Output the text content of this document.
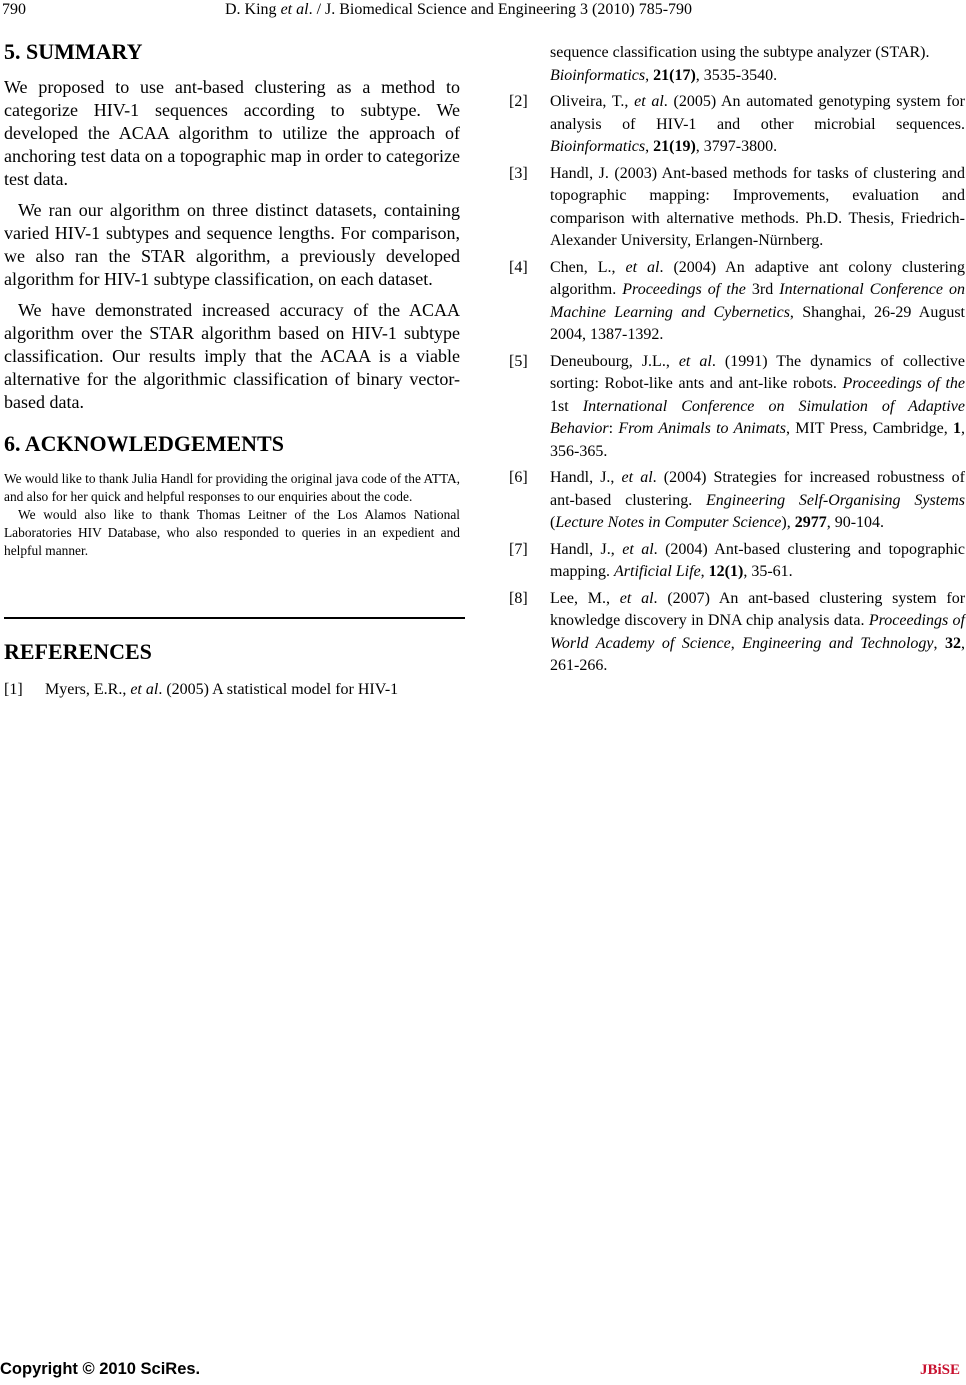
790	D. King et al. / J. Biomedical Science and Engineering 3 (2010) 785-790
5. SUMMARY

We proposed to use ant-based clustering as a method to categorize HIV-1 sequences according to subtype. We developed the ACAA algorithm to utilize the approach of anchoring test data on a topographic map in order to categorize test data.

We ran our algorithm on three distinct datasets, containing varied HIV-1 subtypes and sequence lengths. For comparison, we also ran the STAR algorithm, a previously developed algorithm for HIV-1 subtype classification, on each dataset.

We have demonstrated increased accuracy of the ACAA algorithm over the STAR algorithm based on HIV-1 subtype classification. Our results imply that the ACAA is a viable alternative for the algorithmic classification of binary vector-based data.

6. ACKNOWLEDGEMENTS

We would like to thank Julia Handl for providing the original java code of the ATTA, and also for her quick and helpful responses to our enquiries about the code.

We would also like to thank Thomas Leitner of the Los Alamos National Laboratories HIV Database, who also responded to queries in an expedient and helpful manner.

REFERENCES
[1]	Myers, E.R., et al. (2005) A statistical model for HIV-1
sequence classification using the subtype analyzer (STAR). Bioinformatics, 21(17), 3535-3540.
[2]	Oliveira, T., et al. (2005) An automated genotyping system for analysis of HIV-1 and other microbial sequences. Bioinformatics, 21(19), 3797-3800.
[3]	Handl, J. (2003) Ant-based methods for tasks of clustering and topographic mapping: Improvements, evaluation and comparison with alternative methods. Ph.D. Thesis, Friedrich-Alexander University, Erlangen-Nürnberg.
[4]	Chen, L., et al. (2004) An adaptive ant colony clustering algorithm. Proceedings of the 3rd International Conference on Machine Learning and Cybernetics, Shanghai, 26-29 August 2004, 1387-1392.
[5]	Deneubourg, J.L., et al. (1991) The dynamics of collective sorting: Robot-like ants and ant-like robots. Proceedings of the 1st International Conference on Simulation of Adaptive Behavior: From Animals to Animats, MIT Press, Cambridge, 1, 356-365.
[6]	Handl, J., et al. (2004) Strategies for increased robustness of ant-based clustering. Engineering Self-Organising Systems (Lecture Notes in Computer Science), 2977, 90-104.
[7]	Handl, J., et al. (2004) Ant-based clustering and topographic mapping. Artificial Life, 12(1), 35-61.
[8]	Lee, M., et al. (2007) An ant-based clustering system for knowledge discovery in DNA chip analysis data. Proceedings of World Academy of Science, Engineering and Technology, 32, 261-266.
Copyright © 2010 SciRes.	JBiSE
